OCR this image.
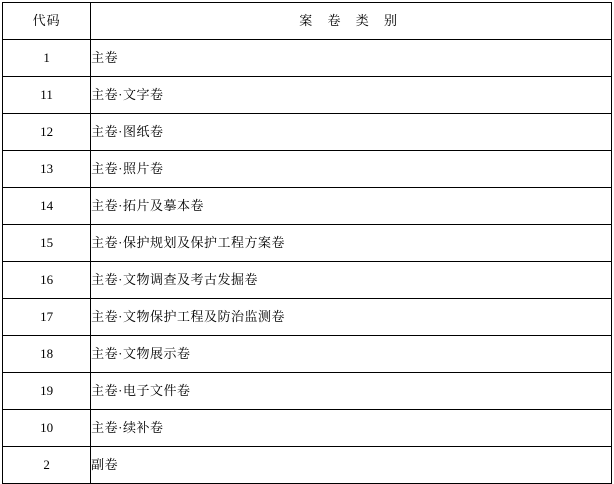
代码	案 卷 类 别
1	主卷
11	主卷·文字卷
12	主卷·图纸卷
13	主卷·照片卷
14	主卷·拓片及摹本卷
15	主卷·保护规划及保护工程方案卷
16	主卷·文物调查及考古发掘卷
17	主卷·文物保护工程及防治监测卷
18	主卷·文物展示卷
19	主卷·电子文件卷
10	主卷·续补卷
2	副卷
